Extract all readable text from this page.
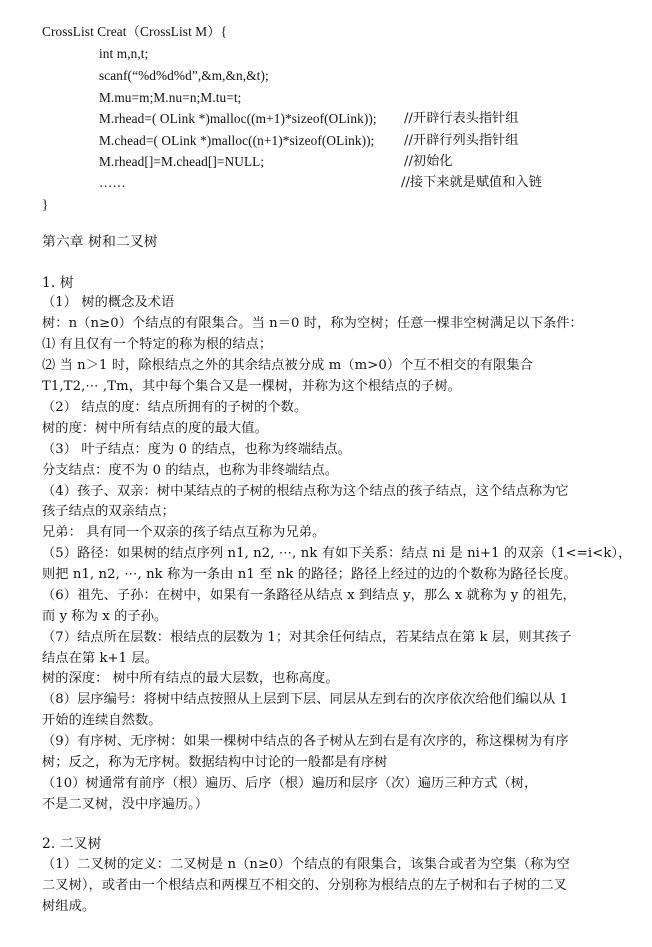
CrossList Creat（CrossList M）{
int m,n,t;
scanf(“%d%d%d”,&m,&n,&t);
M.mu=m;M.nu=n;M.tu=t;
M.rhead=( OLink *)malloc((m+1)*sizeof(OLink)); //开辟行表头指针组
M.chead=( OLink *)malloc((n+1)*sizeof(OLink)); //开辟行列头指针组
M.rhead[]=M.chead[]=NULL;	//初始化
……	//接下来就是赋值和入链
}
第六章 树和二叉树
1. 树
（1） 树的概念及术语
树：n（n≥0）个结点的有限集合。当 n＝0 时，称为空树；任意一棵非空树满足以下条件：
⑴ 有且仅有一个特定的称为根的结点；
⑵ 当 n＞1 时，除根结点之外的其余结点被分成 m（m>0）个互不相交的有限集合
T1,T2,⋯ ,Tm，其中每个集合又是一棵树，并称为这个根结点的子树。
（2） 结点的度：结点所拥有的子树的个数。
树的度：树中所有结点的度的最大值。
（3） 叶子结点：度为 0 的结点，也称为终端结点。
分支结点：度不为 0 的结点，也称为非终端结点。
（4）孩子、双亲：树中某结点的子树的根结点称为这个结点的孩子结点，这个结点称为它
孩子结点的双亲结点；
兄弟： 具有同一个双亲的孩子结点互称为兄弟。
（5）路径：如果树的结点序列 n1, n2, ⋯, nk 有如下关系：结点 ni 是 ni+1 的双亲（1<=i<k），
则把 n1, n2, ⋯, nk 称为一条由 n1 至 nk 的路径；路径上经过的边的个数称为路径长度。
（6）祖先、子孙：在树中，如果有一条路径从结点 x 到结点 y，那么 x 就称为 y 的祖先，
而 y 称为 x 的子孙。
（7）结点所在层数：根结点的层数为 1；对其余任何结点，若某结点在第 k 层，则其孩子
结点在第 k+1 层。
树的深度： 树中所有结点的最大层数，也称高度。
（8）层序编号：将树中结点按照从上层到下层、同层从左到右的次序依次给他们编以从 1
开始的连续自然数。
（9）有序树、无序树：如果一棵树中结点的各子树从左到右是有次序的，称这棵树为有序
树；反之，称为无序树。数据结构中讨论的一般都是有序树
（10）树通常有前序（根）遍历、后序（根）遍历和层序（次）遍历三种方式（树，
不是二叉树，没中序遍历。）
2. 二叉树
（1）二叉树的定义：二叉树是 n（n≥0）个结点的有限集合，该集合或者为空集（称为空
二叉树），或者由一个根结点和两棵互不相交的、分别称为根结点的左子树和右子树的二叉
树组成。
